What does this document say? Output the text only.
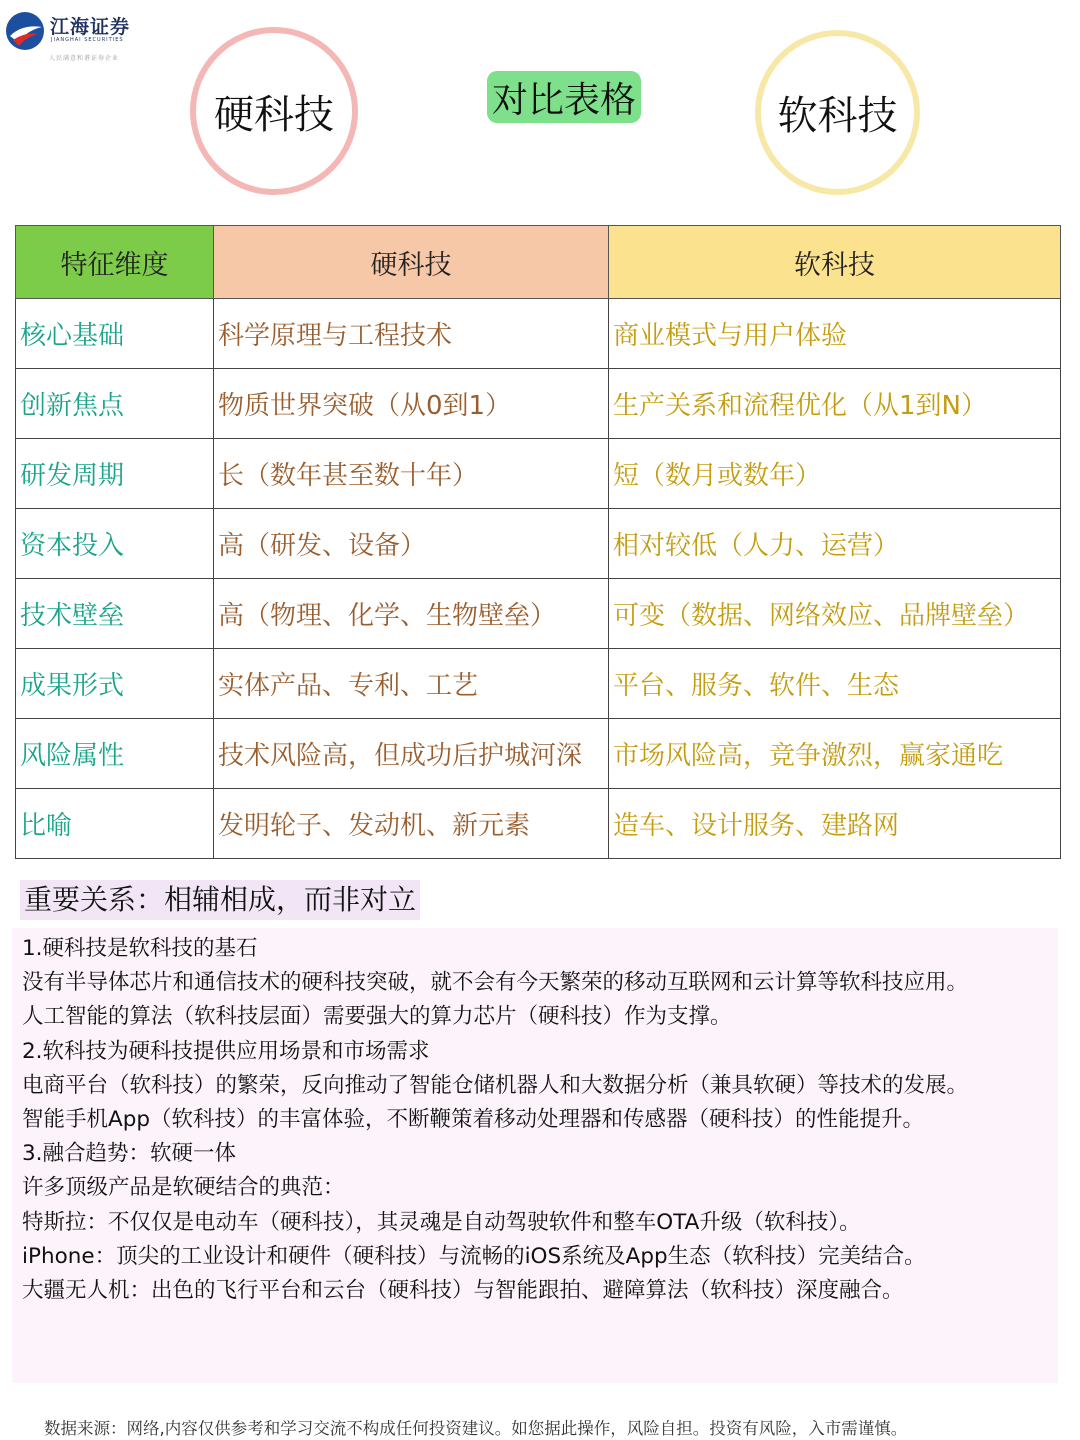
江海证券
JIANGHAI SECURITIES
人民满意和谐证券企业
硬科技	对比表格	软科技
特征维度	硬科技	软科技
核心基础	科学原理与工程技术	商业模式与用户体验
创新焦点	物质世界突破（从0到1）	生产关系和流程优化（从1到N）
研发周期	长（数年甚至数十年）	短（数月或数年）
资本投入	高（研发、设备）	相对较低（人力、运营）
技术壁垒	高（物理、化学、生物壁垒）	可变（数据、网络效应、品牌壁垒）
成果形式	实体产品、专利、工艺	平台、服务、软件、生态
风险属性	技术风险高，但成功后护城河深	市场风险高，竞争激烈，赢家通吃
比喻	发明轮子、发动机、新元素	造车、设计服务、建路网
重要关系：相辅相成，而非对立

1.硬科技是软科技的基石

没有半导体芯片和通信技术的硬科技突破，就不会有今天繁荣的移动互联网和云计算等软科技应用。

人工智能的算法（软科技层面）需要强大的算力芯片（硬科技）作为支撑。

2.软科技为硬科技提供应用场景和市场需求

电商平台（软科技）的繁荣，反向推动了智能仓储机器人和大数据分析（兼具软硬）等技术的发展。

智能手机App（软科技）的丰富体验，不断鞭策着移动处理器和传感器（硬科技）的性能提升。

3.融合趋势：软硬一体

许多顶级产品是软硬结合的典范：

特斯拉：不仅仅是电动车（硬科技），其灵魂是自动驾驶软件和整车OTA升级（软科技）。

iPhone：顶尖的工业设计和硬件（硬科技）与流畅的iOS系统及App生态（软科技）完美结合。

大疆无人机：出色的飞行平台和云台（硬科技）与智能跟拍、避障算法（软科技）深度融合。

数据来源：网络,内容仅供参考和学习交流不构成任何投资建议。如您据此操作，风险自担。投资有风险，入市需谨慎。
